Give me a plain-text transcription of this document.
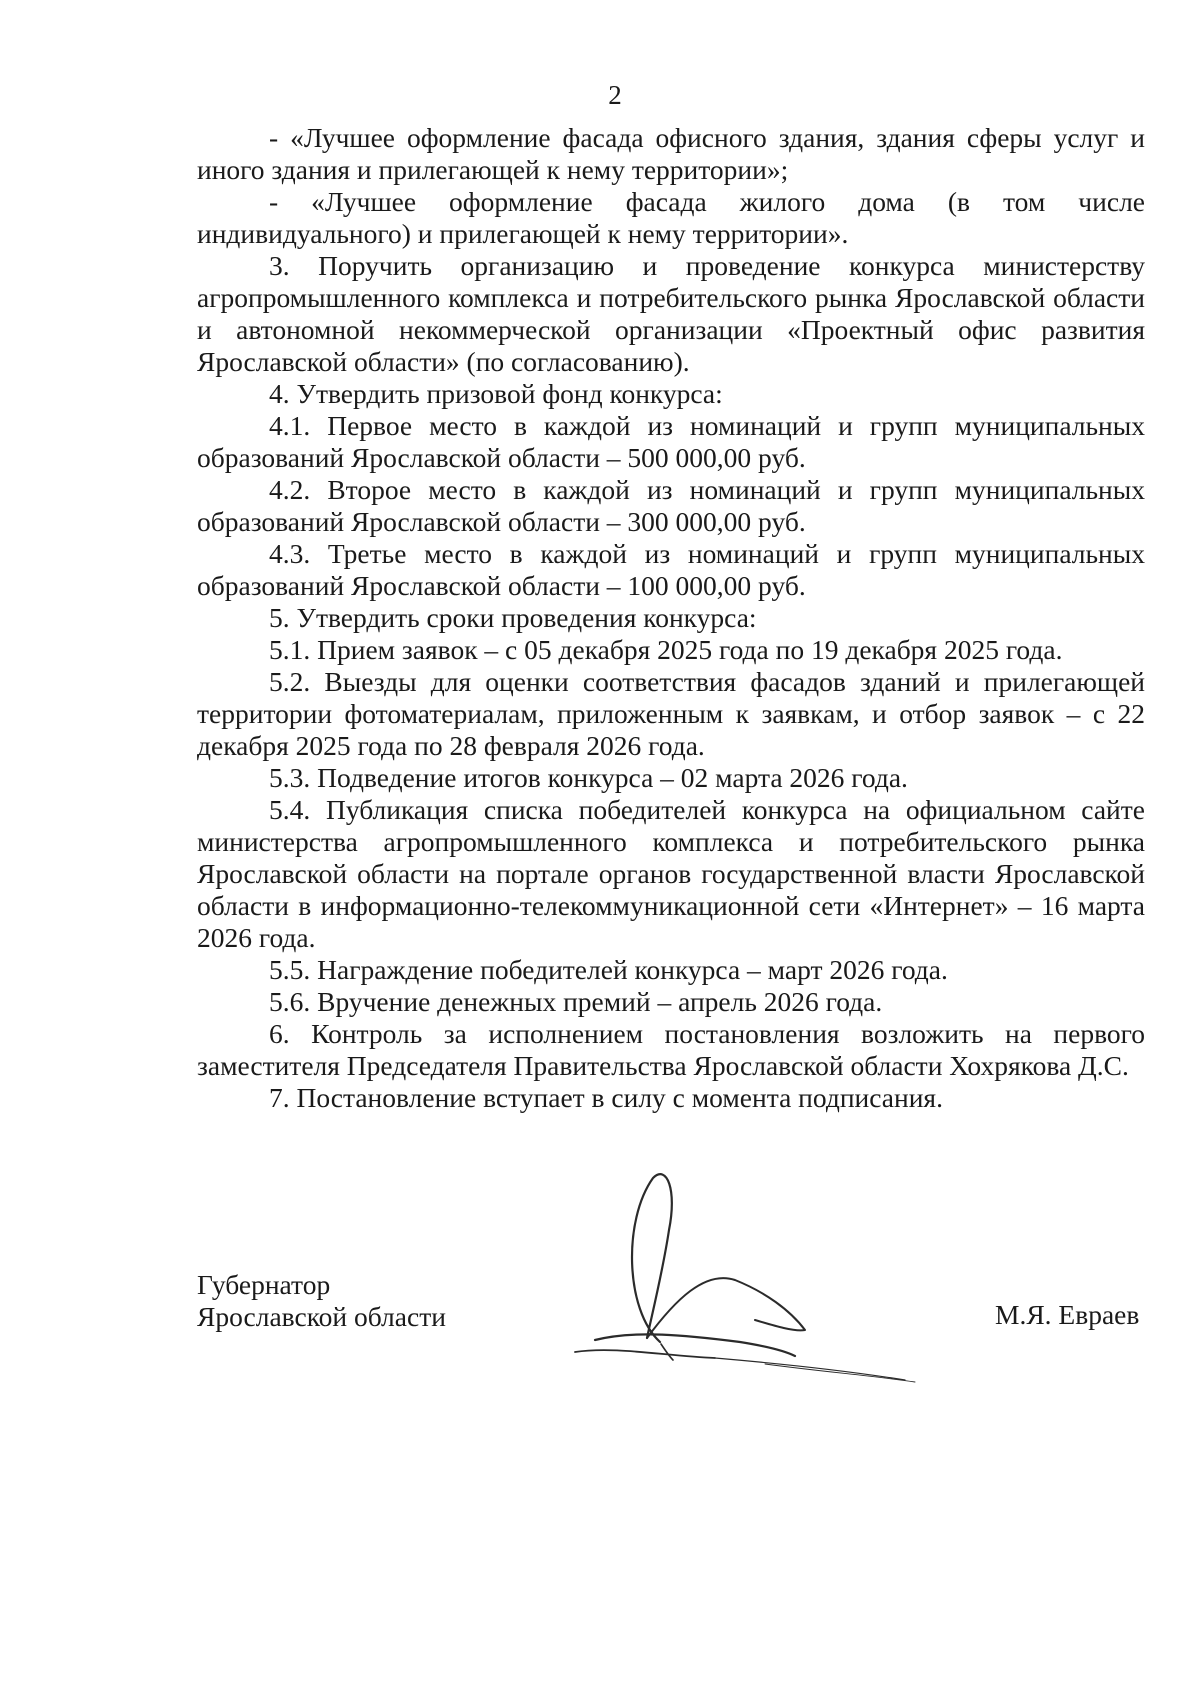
2

- «Лучшее оформление фасада офисного здания, здания сферы услуг и иного здания и прилегающей к нему территории»;

- «Лучшее оформление фасада жилого дома (в том числе индивидуального) и прилегающей к нему территории».

3. Поручить организацию и проведение конкурса министерству агропромышленного комплекса и потребительского рынка Ярославской области и автономной некоммерческой организации «Проектный офис развития Ярославской области» (по согласованию).

4. Утвердить призовой фонд конкурса:

4.1. Первое место в каждой из номинаций и групп муниципальных образований Ярославской области – 500 000,00 руб.

4.2. Второе место в каждой из номинаций и групп муниципальных образований Ярославской области – 300 000,00 руб.

4.3. Третье место в каждой из номинаций и групп муниципальных образований Ярославской области – 100 000,00 руб.

5. Утвердить сроки проведения конкурса:

5.1. Прием заявок – с 05 декабря 2025 года по 19 декабря 2025 года.

5.2. Выезды для оценки соответствия фасадов зданий и прилегающей территории фотоматериалам, приложенным к заявкам, и отбор заявок – с 22 декабря 2025 года по 28 февраля 2026 года.

5.3. Подведение итогов конкурса – 02 марта 2026 года.

5.4. Публикация списка победителей конкурса на официальном сайте министерства агропромышленного комплекса и потребительского рынка Ярославской области на портале органов государственной власти Ярославской области в информационно-телекоммуникационной сети «Интернет» – 16 марта 2026 года.

5.5. Награждение победителей конкурса – март 2026 года.

5.6. Вручение денежных премий – апрель 2026 года.

6. Контроль за исполнением постановления возложить на первого заместителя Председателя Правительства Ярославской области Хохрякова Д.С.

7. Постановление вступает в силу с момента подписания.

Губернатор
Ярославской области	М.Я. Евраев
